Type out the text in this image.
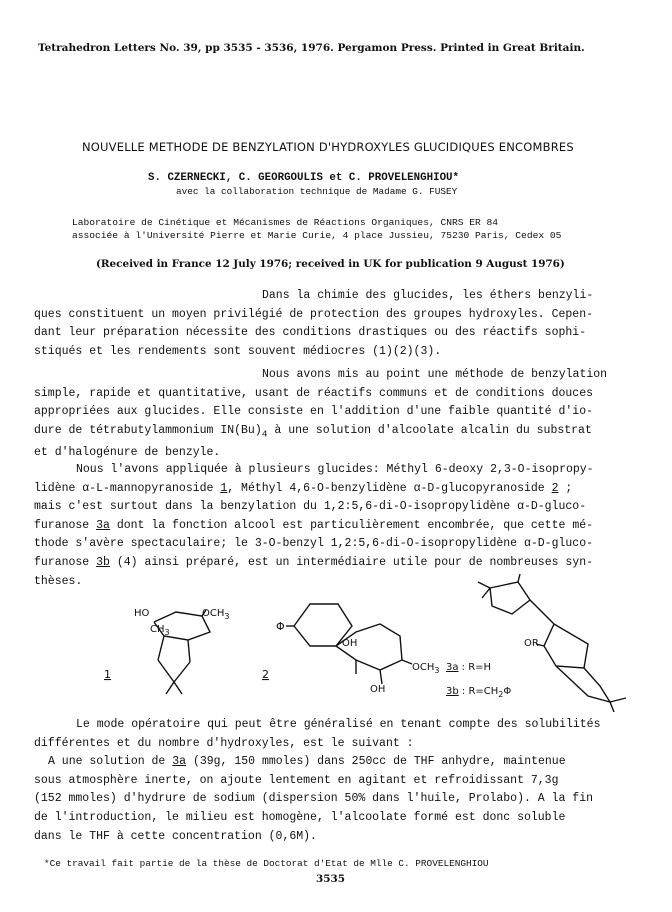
Tetrahedron Letters No. 39, pp 3535 - 3536, 1976. Pergamon Press. Printed in Great Britain.
NOUVELLE METHODE DE BENZYLATION D'HYDROXYLES GLUCIDIQUES ENCOMBRES
S. CZERNECKI, C. GEORGOULIS et C. PROVELENGHIOU*
avec la collaboration technique de Madame G. FUSEY
Laboratoire de Cinétique et Mécanismes de Réactions Organiques, CNRS ER 84
associée à l'Université Pierre et Marie Curie, 4 place Jussieu, 75230 Paris, Cedex 05
(Received in France 12 July 1976; received in UK for publication 9 August 1976)
Dans la chimie des glucides, les éthers benzyli-
ques constituent un moyen privilégié de protection des groupes hydroxyles. Cepen-
dant leur préparation nécessite des conditions drastiques ou des réactifs sophi-
stiqués et les rendements sont souvent médiocres (1)(2)(3).
Nous avons mis au point une méthode de benzylation
simple, rapide et quantitative, usant de réactifs communs et de conditions douces
appropriées aux glucides. Elle consiste en l'addition d'une faible quantité d'io-
dure de tétrabutylammonium $IN(Bu)_4$ à une solution d'alcoolate alcalin du substrat
et d'halogénure de benzyle.
Nous l'avons appliquée à plusieurs glucides: Méthyl 6-deoxy 2,3-O-isopropy-
lidène α-L-mannopyranoside 1, Méthyl 4,6-O-benzylidène α-D-glucopyranoside 2 ;
mais c'est surtout dans la benzylation du 1,2:5,6-di-O-isopropylidène α-D-gluco-
furanose 3a dont la fonction alcool est particulièrement encombrée, que cette mé-
thode s'avère spectaculaire; le 3-O-benzyl 1,2:5,6-di-O-isopropylidène α-D-gluco-
furanose 3b (4) ainsi préparé, est un intermédiaire utile pour de nombreuses syn-
thèses.
HO	$OCH_3$
$CH_3$
1
Φ
OH
$OCH_3$
OH
2
OR
3a : R=H
3b : $R=CH_2\Phi$
Le mode opératoire qui peut être généralisé en tenant compte des solubilités
différentes et du nombre d'hydroxyles, est le suivant :
A une solution de 3a (39g, 150 mmoles) dans 250cc de THF anhydre, maintenue
sous atmosphère inerte, on ajoute lentement en agitant et refroidissant 7,3g
(152 mmoles) d'hydrure de sodium (dispersion 50% dans l'huile, Prolabo). A la fin
de l'introduction, le milieu est homogène, l'alcoolate formé est donc soluble
dans le THF à cette concentration (0,6M).
*Ce travail fait partie de la thèse de Doctorat d'Etat de Mlle C. PROVELENGHIOU
3535
